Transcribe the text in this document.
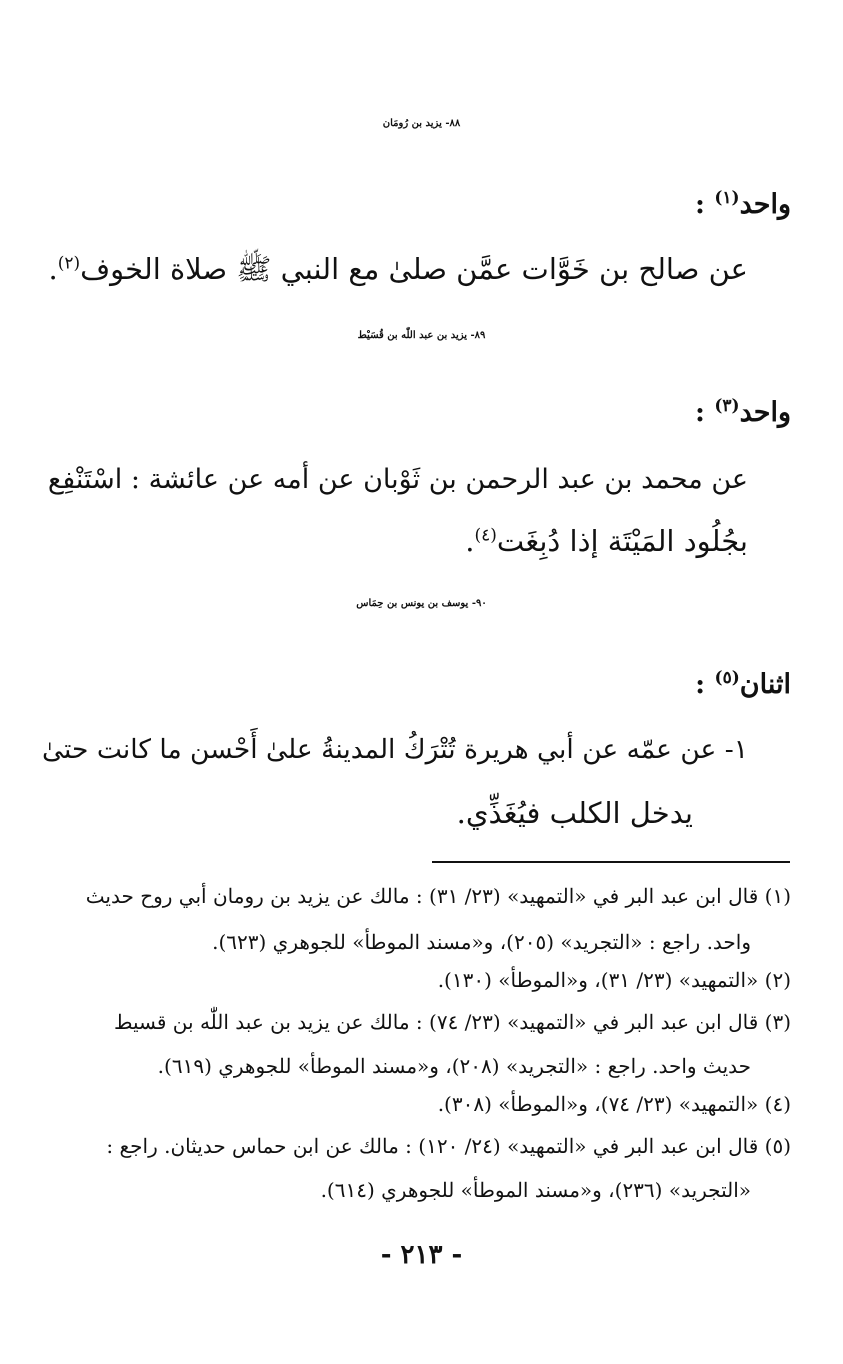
٨٨- يزيد بن رُومَان
واحد$^{(١)}$ :
عن صالح بن خَوَّات عمَّن صلىٰ مع النبي ﷺ صلاة الخوف$^{(٢)}$.
٨٩- يزيد بن عبد اللّٰه بن قُسَيْط
واحد$^{(٣)}$ :
عن محمد بن عبد الرحمن بن ثَوْبان عن أمه عن عائشة : اسْتَنْفِع
بجُلُود المَيْتَة إذا دُبِغَت$^{(٤)}$.
٩٠- يوسف بن يونس بن حِمَاس
اثنان$^{(٥)}$ :
١- عن عمّه عن أبي هريرة تُتْرَكُ المدينةُ علىٰ أَحْسن ما كانت حتىٰ
يدخل الكلب فيُغَذِّي.
(١) قال ابن عبد البر في «التمهيد» (٢٣/ ٣١) : مالك عن يزيد بن رومان أبي روح حديث
واحد. راجع : «التجريد» (٢٠٥)، و«مسند الموطأ» للجوهري (٦٢٣).
(٢) «التمهيد» (٢٣/ ٣١)، و«الموطأ» (١٣٠).
(٣) قال ابن عبد البر في «التمهيد» (٢٣/ ٧٤) : مالك عن يزيد بن عبد اللّٰه بن قسيط
حديث واحد. راجع : «التجريد» (٢٠٨)، و«مسند الموطأ» للجوهري (٦١٩).
(٤) «التمهيد» (٢٣/ ٧٤)، و«الموطأ» (٣٠٨).
(٥) قال ابن عبد البر في «التمهيد» (٢٤/ ١٢٠) : مالك عن ابن حماس حديثان. راجع :
«التجريد» (٢٣٦)، و«مسند الموطأ» للجوهري (٦١٤).
- ٢١٣ -
